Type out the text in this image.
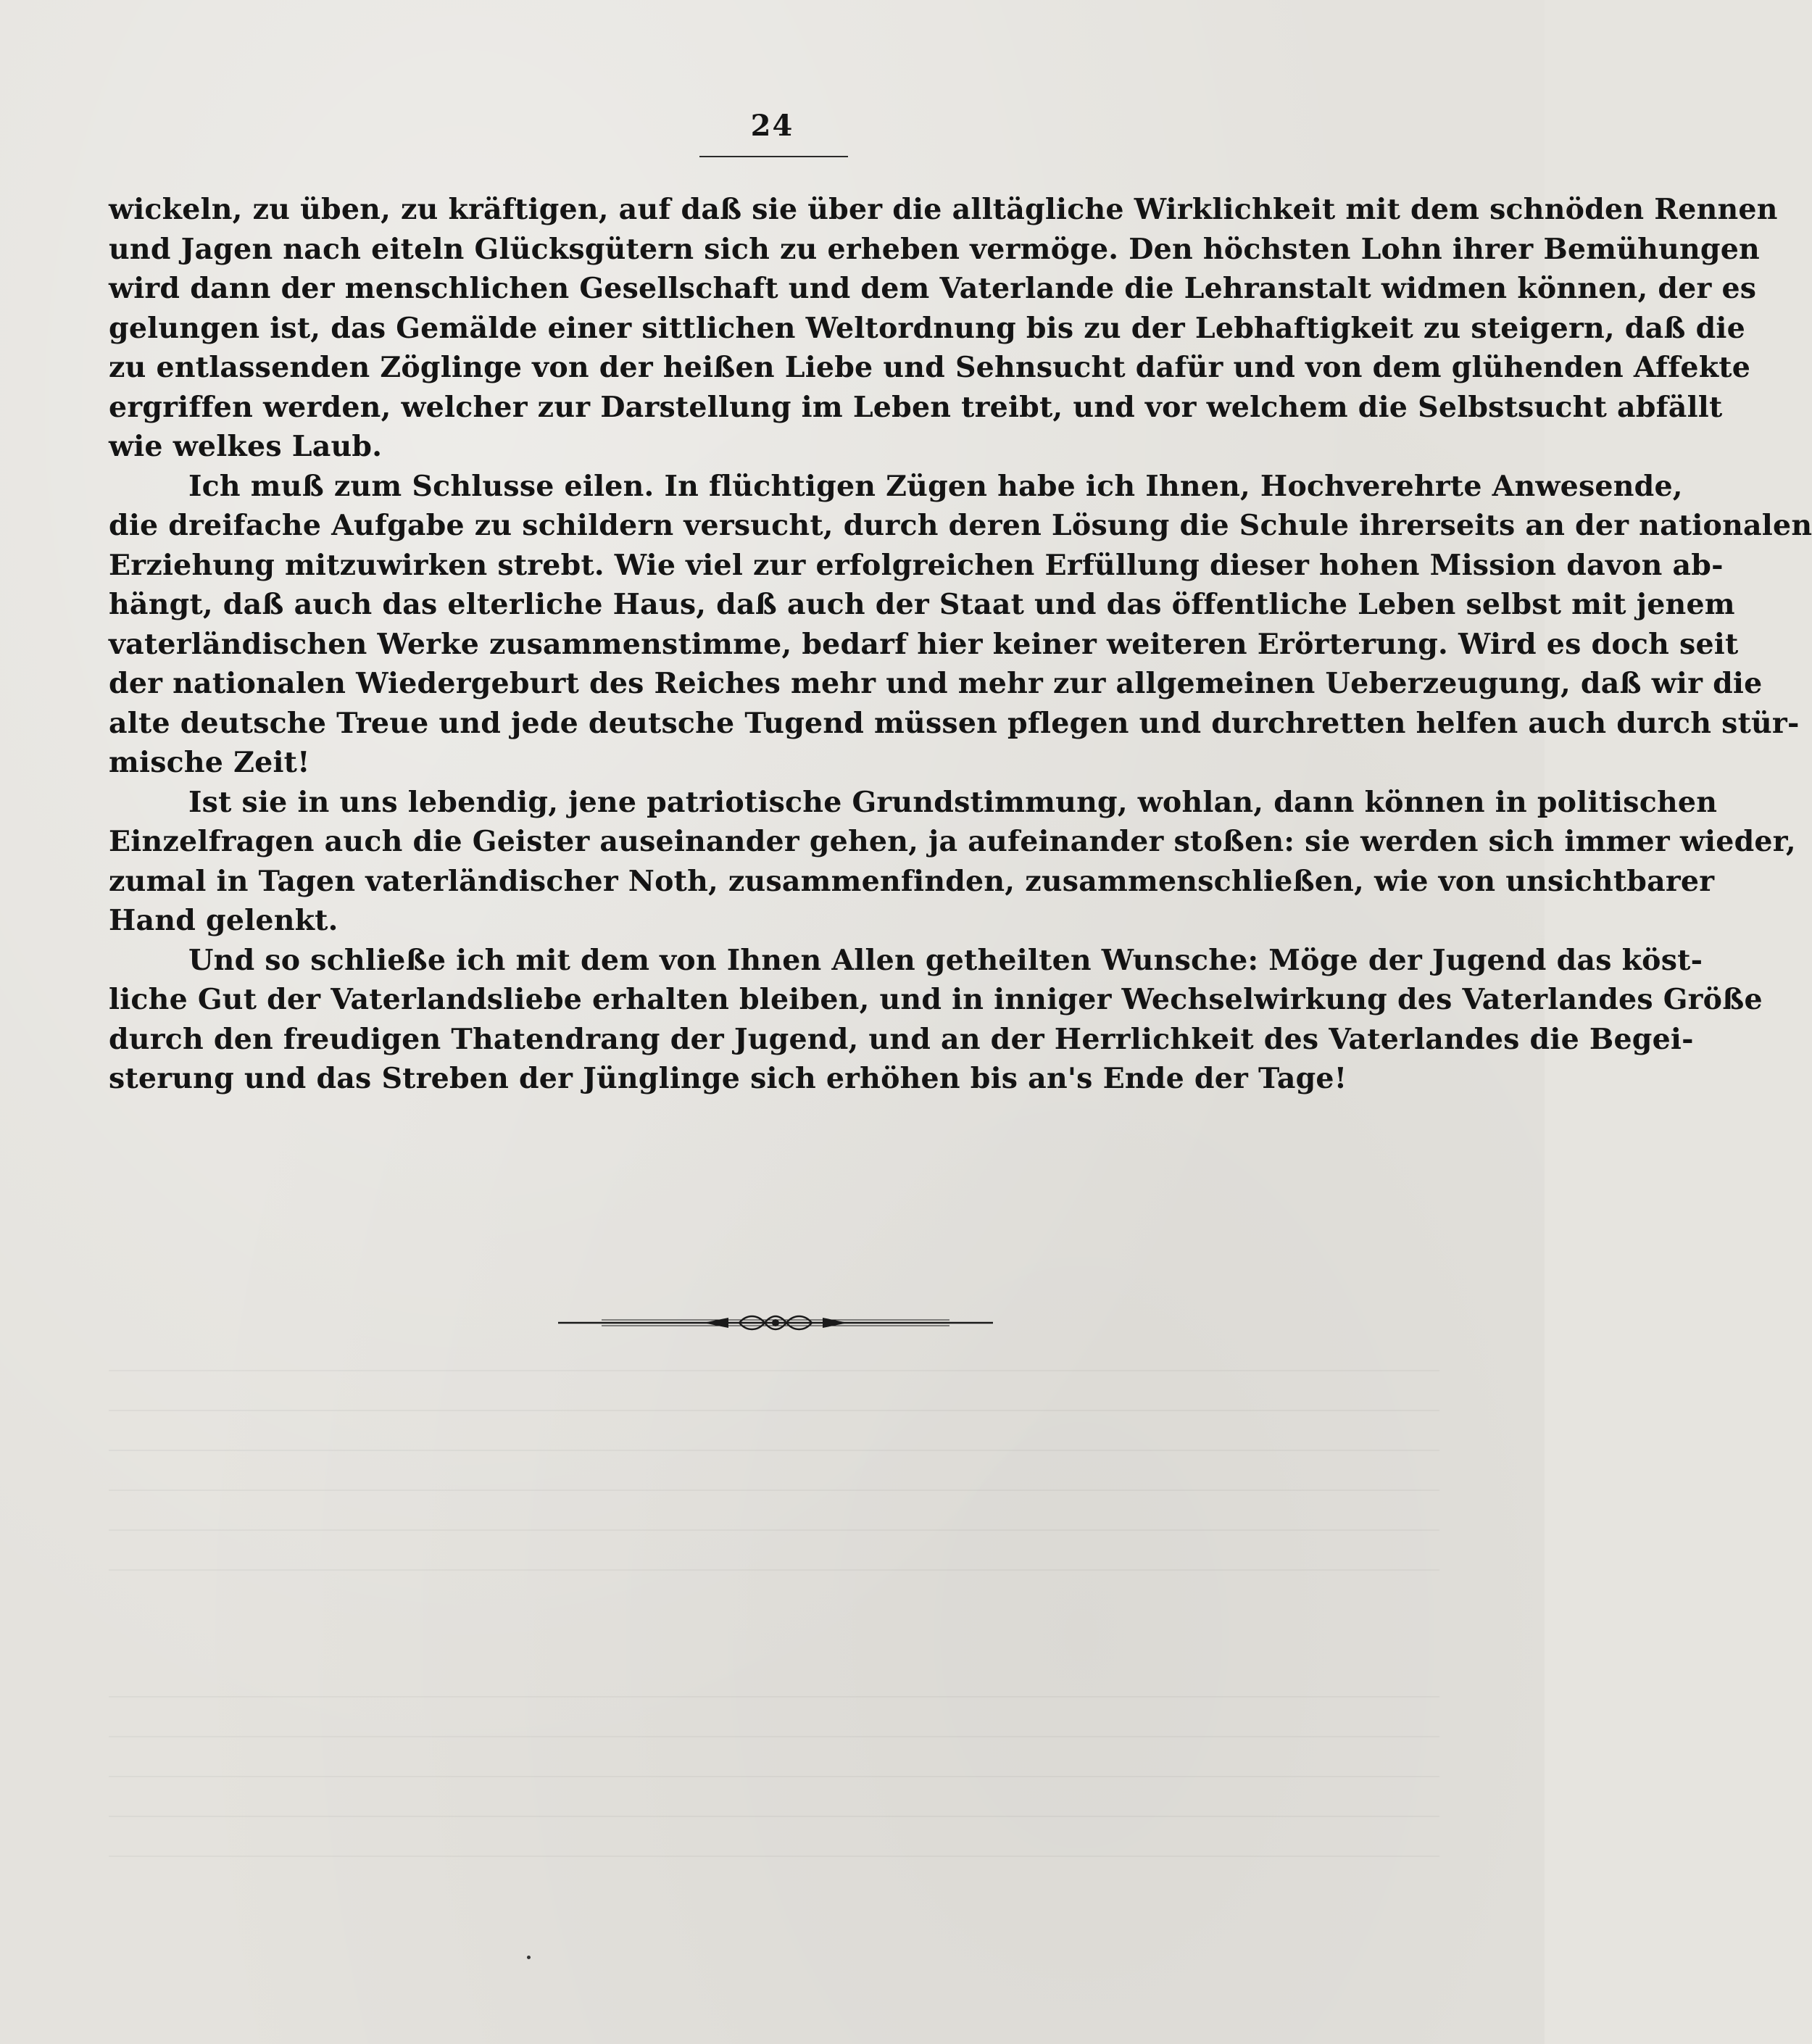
24
wickeln, zu üben, zu kräftigen, auf daß sie über die alltägliche Wirklichkeit mit dem schnöden Rennen
und Jagen nach eiteln Glücksgütern sich zu erheben vermöge. Den höchsten Lohn ihrer Bemühungen
wird dann der menschlichen Gesellschaft und dem Vaterlande die Lehranstalt widmen können, der es
gelungen ist, das Gemälde einer sittlichen Weltordnung bis zu der Lebhaftigkeit zu steigern, daß die
zu entlassenden Zöglinge von der heißen Liebe und Sehnsucht dafür und von dem glühenden Affekte
ergriffen werden, welcher zur Darstellung im Leben treibt, und vor welchem die Selbstsucht abfällt
wie welkes Laub.
Ich muß zum Schlusse eilen. In flüchtigen Zügen habe ich Ihnen, Hochverehrte Anwesende,
die dreifache Aufgabe zu schildern versucht, durch deren Lösung die Schule ihrerseits an der nationalen
Erziehung mitzuwirken strebt. Wie viel zur erfolgreichen Erfüllung dieser hohen Mission davon ab-
hängt, daß auch das elterliche Haus, daß auch der Staat und das öffentliche Leben selbst mit jenem
vaterländischen Werke zusammenstimme, bedarf hier keiner weiteren Erörterung. Wird es doch seit
der nationalen Wiedergeburt des Reiches mehr und mehr zur allgemeinen Ueberzeugung, daß wir die
alte deutsche Treue und jede deutsche Tugend müssen pflegen und durchretten helfen auch durch stür-
mische Zeit!
Ist sie in uns lebendig, jene patriotische Grundstimmung, wohlan, dann können in politischen
Einzelfragen auch die Geister auseinander gehen, ja aufeinander stoßen: sie werden sich immer wieder,
zumal in Tagen vaterländischer Noth, zusammenfinden, zusammenschließen, wie von unsichtbarer
Hand gelenkt.
Und so schließe ich mit dem von Ihnen Allen getheilten Wunsche: Möge der Jugend das köst-
liche Gut der Vaterlandsliebe erhalten bleiben, und in inniger Wechselwirkung des Vaterlandes Größe
durch den freudigen Thatendrang der Jugend, und an der Herrlichkeit des Vaterlandes die Begei-
sterung und das Streben der Jünglinge sich erhöhen bis an's Ende der Tage!
